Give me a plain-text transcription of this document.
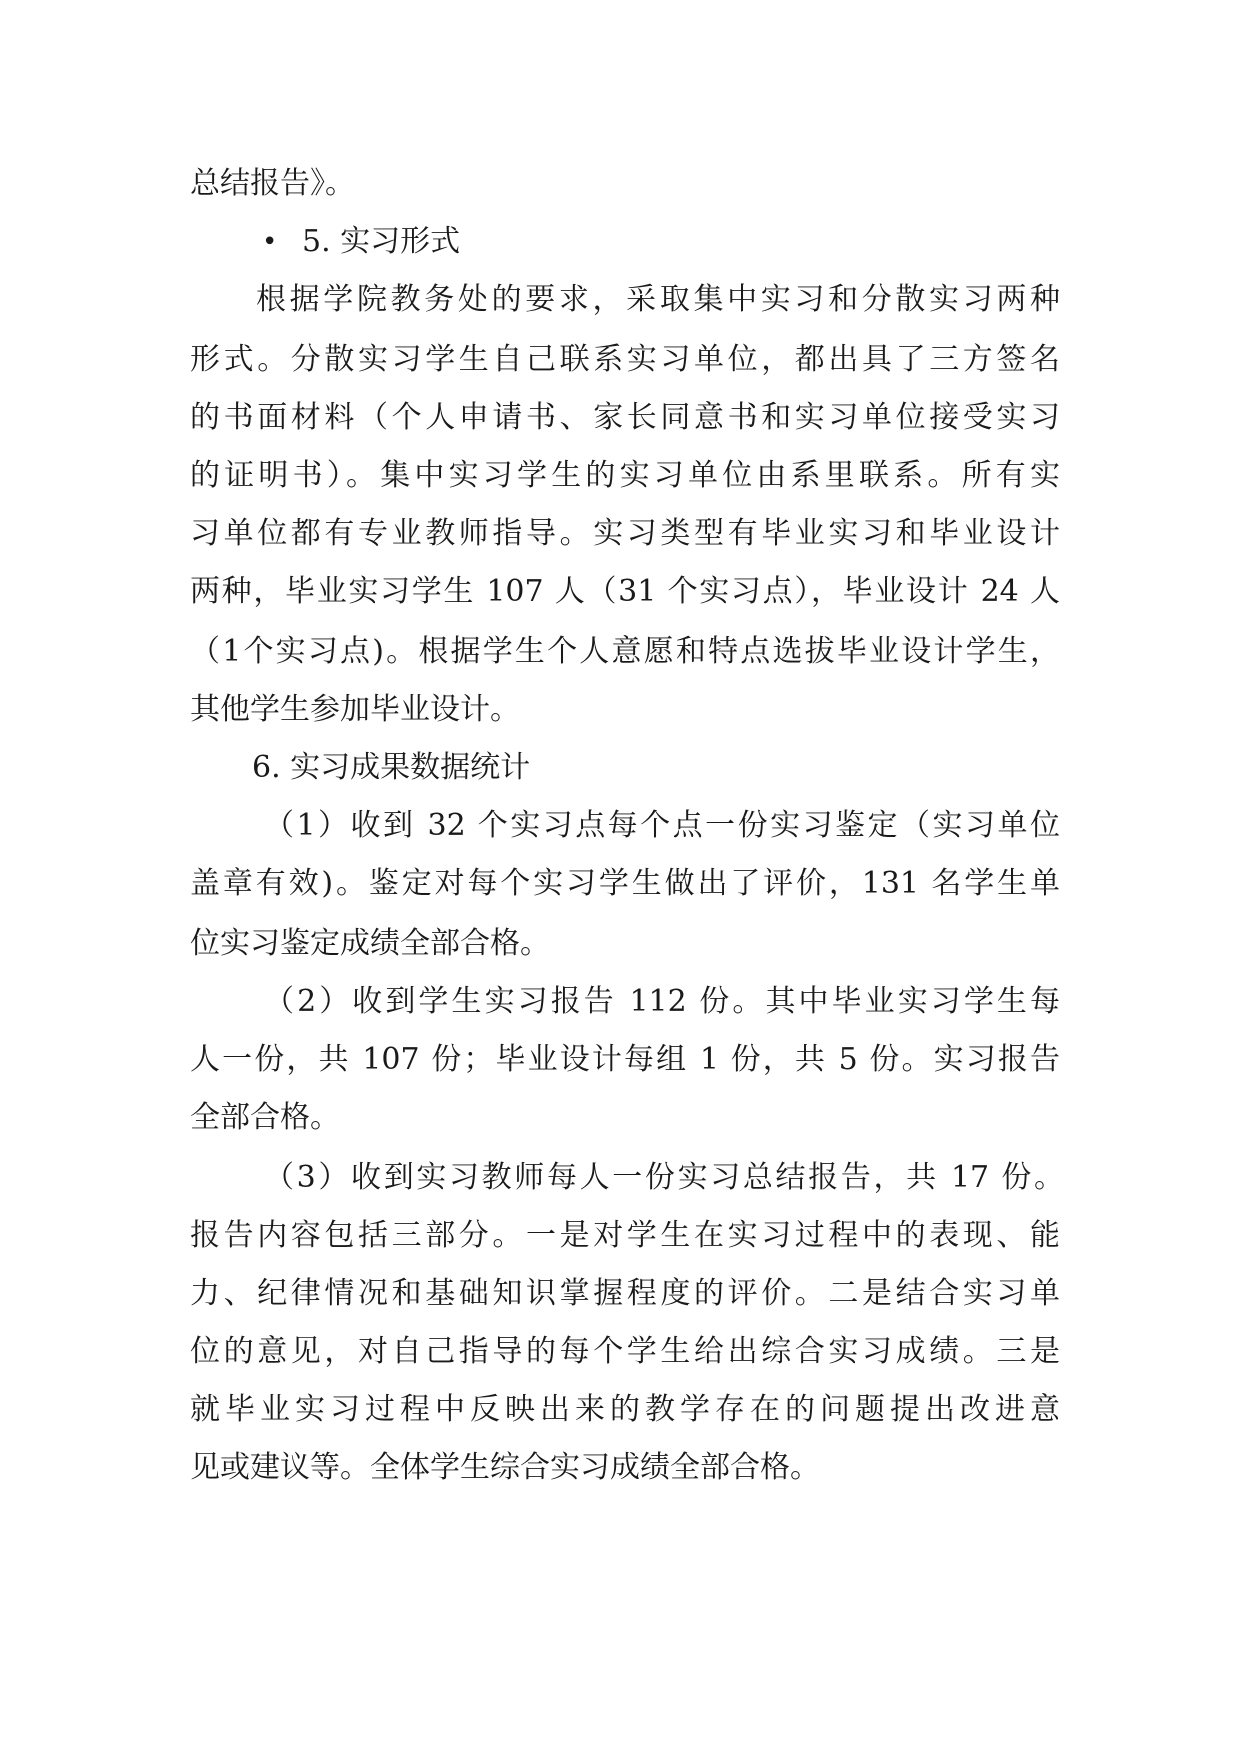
总结报告》。
• 5. 实习形式
根据学院教务处的要求，采取集中实习和分散实习两种
形式。分散实习学生自己联系实习单位，都出具了三方签名
的书面材料（个人申请书、家长同意书和实习单位接受实习
的证明书）。集中实习学生的实习单位由系里联系。所有实
习单位都有专业教师指导。实习类型有毕业实习和毕业设计
两种，毕业实习学生 107 人（31 个实习点），毕业设计 24 人
（1个实习点)。根据学生个人意愿和特点选拔毕业设计学生，
其他学生参加毕业设计。
6. 实习成果数据统计
（1）收到 32 个实习点每个点一份实习鉴定（实习单位
盖章有效)。鉴定对每个实习学生做出了评价，131 名学生单
位实习鉴定成绩全部合格。
（2）收到学生实习报告 112 份。其中毕业实习学生每
人一份，共 107 份；毕业设计每组 1 份，共 5 份。实习报告
全部合格。
（3）收到实习教师每人一份实习总结报告，共 17 份。
报告内容包括三部分。一是对学生在实习过程中的表现、能
力、纪律情况和基础知识掌握程度的评价。二是结合实习单
位的意见，对自己指导的每个学生给出综合实习成绩。三是
就毕业实习过程中反映出来的教学存在的问题提出改进意
见或建议等。全体学生综合实习成绩全部合格。
